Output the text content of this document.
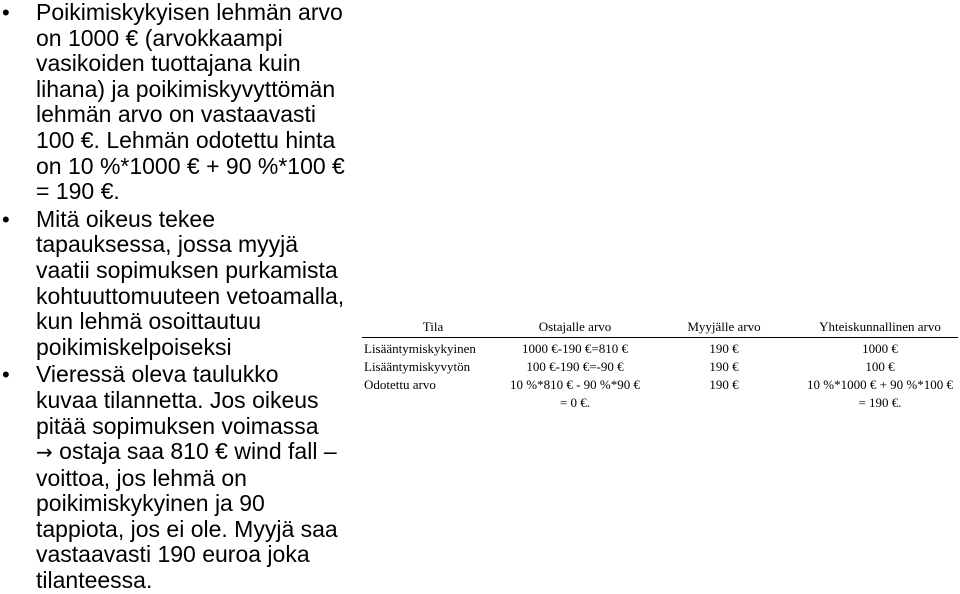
• Poikimiskykyisen lehmän arvo
on 1000 € (arvokkaampi
vasikoiden tuottajana kuin
lihana) ja poikimiskyvyttömän
lehmän arvo on vastaavasti
100 €. Lehmän odotettu hinta
on 10 %*1000 € + 90 %*100 €
= 190 €.
• Mitä oikeus tekee
tapauksessa, jossa myyjä
vaatii sopimuksen purkamista
kohtuuttomuuteen vetoamalla,
kun lehmä osoittautuu
poikimiskelpoiseksi
• Vieressä oleva taulukko
kuvaa tilannetta. Jos oikeus
pitää sopimuksen voimassa
→ ostaja saa 810 € wind fall –
voittoa, jos lehmä on
poikimiskykyinen ja 90
tappiota, jos ei ole. Myyjä saa
vastaavasti 190 euroa joka
tilanteessa.
Tila	Ostajalle arvo	Myyjälle arvo	Yhteiskunnallinen arvo
Lisääntymiskykyinen	1000 €-190 €=810 €	190 €	1000 €
Lisääntymiskyvytön	100 €-190 €=-90 €	190 €	100 €
Odotettu arvo	10 %*810 € - 90 %*90 € = 0 €.	190 €	10 %*1000 € + 90 %*100 € = 190 €.
